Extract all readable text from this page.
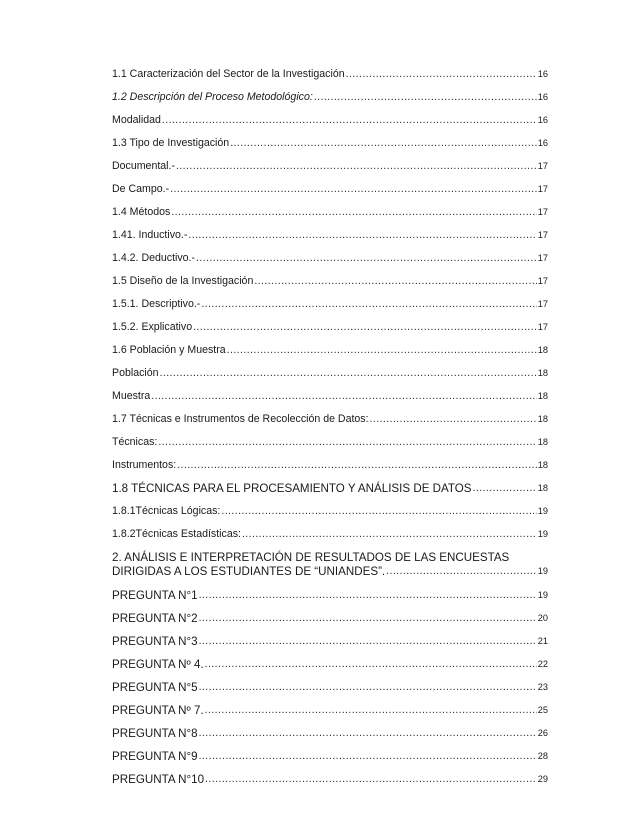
1.1 Caracterización del Sector de la Investigación .....	16
1.2 Descripción del Proceso Metodológico: .....	16
Modalidad .....	16
1.3 Tipo de Investigación .....	16
Documental.- .....	17
De Campo.- .....	17
1.4 Métodos .....	17
1.41. Inductivo.- .....	17
1.4.2. Deductivo.- .....	17
1.5 Diseño de la Investigación .....	17
1.5.1. Descriptivo.- .....	17
1.5.2. Explicativo .....	17
1.6 Población y Muestra .....	18
Población .....	18
Muestra .....	18
1.7 Técnicas e Instrumentos de Recolección de Datos: .....	18
Técnicas: .....	18
Instrumentos: .....	18
1.8 TÉCNICAS PARA EL PROCESAMIENTO Y ANÁLISIS DE DATOS .....	18
1.8.1Técnicas Lógicas: .....	19
1.8.2Técnicas Estadísticas: .....	19
2. ANÁLISIS E INTERPRETACIÓN DE RESULTADOS DE LAS ENCUESTAS
DIRIGIDAS A LOS ESTUDIANTES DE “UNIANDES”. .....	19
PREGUNTA N°1 .....	19
PREGUNTA N°2 .....	20
PREGUNTA N°3 .....	21
PREGUNTA Nº 4. .....	22
PREGUNTA N°5 .....	23
PREGUNTA Nº 7. .....	25
PREGUNTA N°8 .....	26
PREGUNTA N°9 .....	28
PREGUNTA N°10 .....	29
